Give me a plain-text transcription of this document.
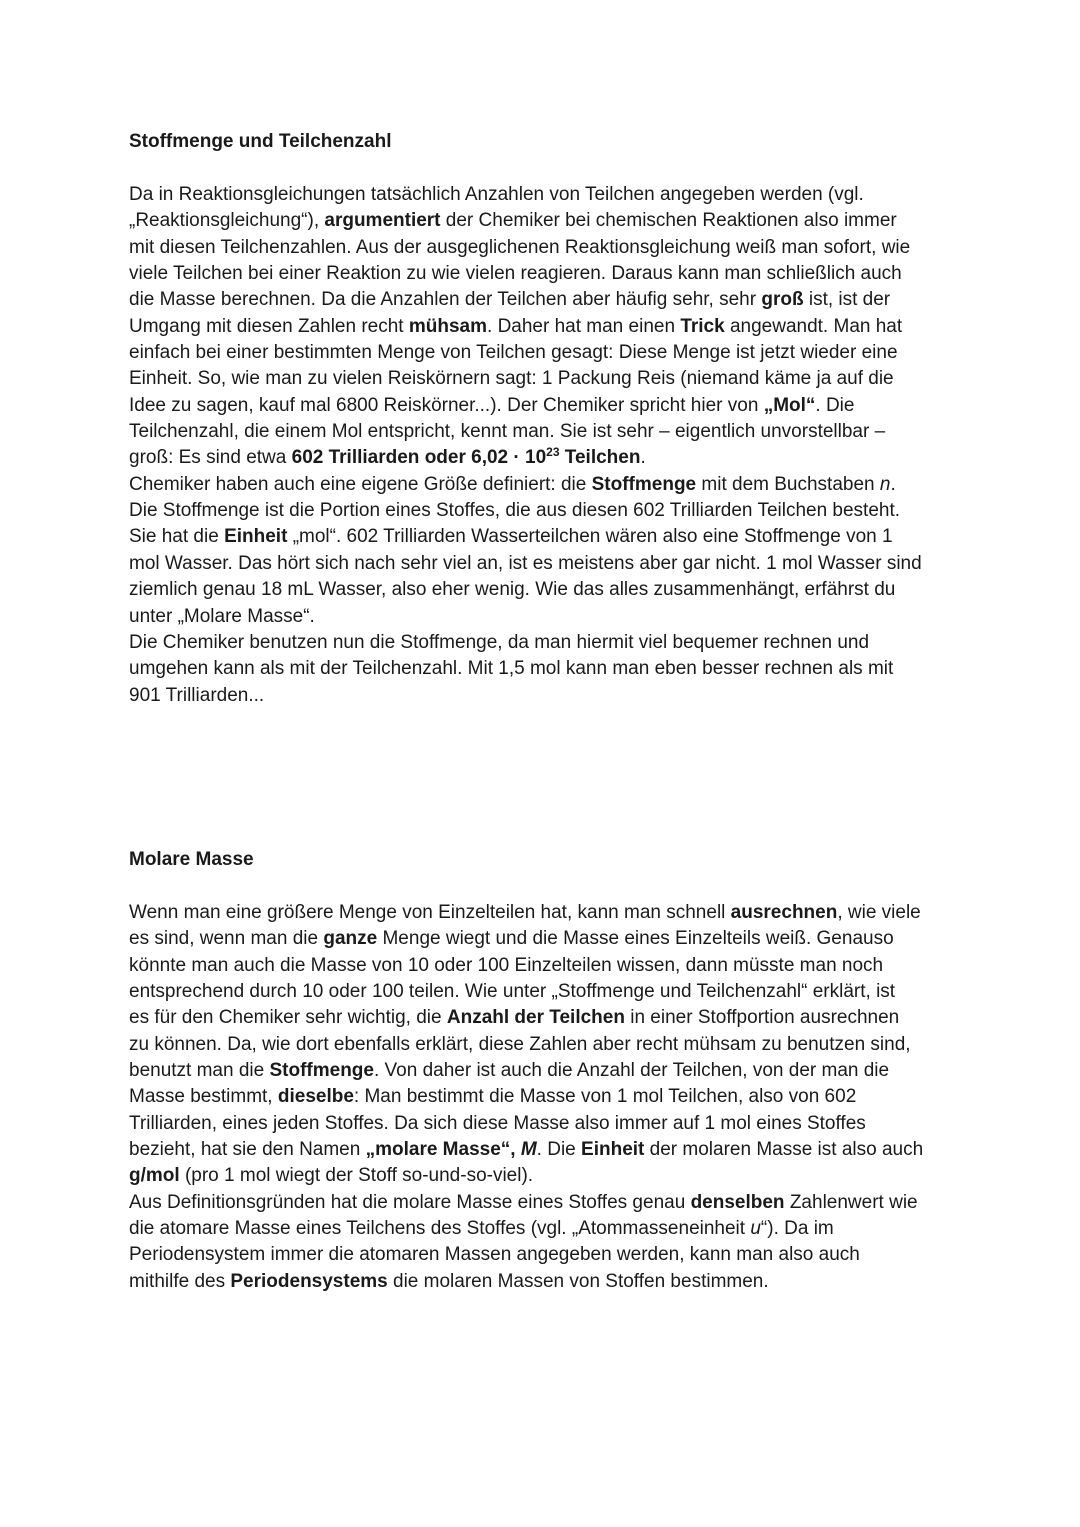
Stoffmenge und Teilchenzahl
Da in Reaktionsgleichungen tatsächlich Anzahlen von Teilchen angegeben werden (vgl.
„Reaktionsgleichung“), argumentiert der Chemiker bei chemischen Reaktionen also immer
mit diesen Teilchenzahlen. Aus der ausgeglichenen Reaktionsgleichung weiß man sofort, wie
viele Teilchen bei einer Reaktion zu wie vielen reagieren. Daraus kann man schließlich auch
die Masse berechnen. Da die Anzahlen der Teilchen aber häufig sehr, sehr groß ist, ist der
Umgang mit diesen Zahlen recht mühsam. Daher hat man einen Trick angewandt. Man hat
einfach bei einer bestimmten Menge von Teilchen gesagt: Diese Menge ist jetzt wieder eine
Einheit. So, wie man zu vielen Reiskörnern sagt: 1 Packung Reis (niemand käme ja auf die
Idee zu sagen, kauf mal 6800 Reiskörner...). Der Chemiker spricht hier von „Mol“. Die
Teilchenzahl, die einem Mol entspricht, kennt man. Sie ist sehr – eigentlich unvorstellbar –
groß: Es sind etwa 602 Trilliarden oder $6,02 \cdot 10^{23}$ Teilchen.
Chemiker haben auch eine eigene Größe definiert: die Stoffmenge mit dem Buchstaben n.
Die Stoffmenge ist die Portion eines Stoffes, die aus diesen 602 Trilliarden Teilchen besteht.
Sie hat die Einheit „mol“. 602 Trilliarden Wasserteilchen wären also eine Stoffmenge von 1
mol Wasser. Das hört sich nach sehr viel an, ist es meistens aber gar nicht. 1 mol Wasser sind
ziemlich genau 18 mL Wasser, also eher wenig. Wie das alles zusammenhängt, erfährst du
unter „Molare Masse“.
Die Chemiker benutzen nun die Stoffmenge, da man hiermit viel bequemer rechnen und
umgehen kann als mit der Teilchenzahl. Mit 1,5 mol kann man eben besser rechnen als mit
901 Trilliarden...
Molare Masse
Wenn man eine größere Menge von Einzelteilen hat, kann man schnell ausrechnen, wie viele
es sind, wenn man die ganze Menge wiegt und die Masse eines Einzelteils weiß. Genauso
könnte man auch die Masse von 10 oder 100 Einzelteilen wissen, dann müsste man noch
entsprechend durch 10 oder 100 teilen. Wie unter „Stoffmenge und Teilchenzahl“ erklärt, ist
es für den Chemiker sehr wichtig, die Anzahl der Teilchen in einer Stoffportion ausrechnen
zu können. Da, wie dort ebenfalls erklärt, diese Zahlen aber recht mühsam zu benutzen sind,
benutzt man die Stoffmenge. Von daher ist auch die Anzahl der Teilchen, von der man die
Masse bestimmt, dieselbe: Man bestimmt die Masse von 1 mol Teilchen, also von 602
Trilliarden, eines jeden Stoffes. Da sich diese Masse also immer auf 1 mol eines Stoffes
bezieht, hat sie den Namen „molare Masse“, M. Die Einheit der molaren Masse ist also auch
g/mol (pro 1 mol wiegt der Stoff so-und-so-viel).
Aus Definitionsgründen hat die molare Masse eines Stoffes genau denselben Zahlenwert wie
die atomare Masse eines Teilchens des Stoffes (vgl. „Atommasseneinheit u“). Da im
Periodensystem immer die atomaren Massen angegeben werden, kann man also auch
mithilfe des Periodensystems die molaren Massen von Stoffen bestimmen.
